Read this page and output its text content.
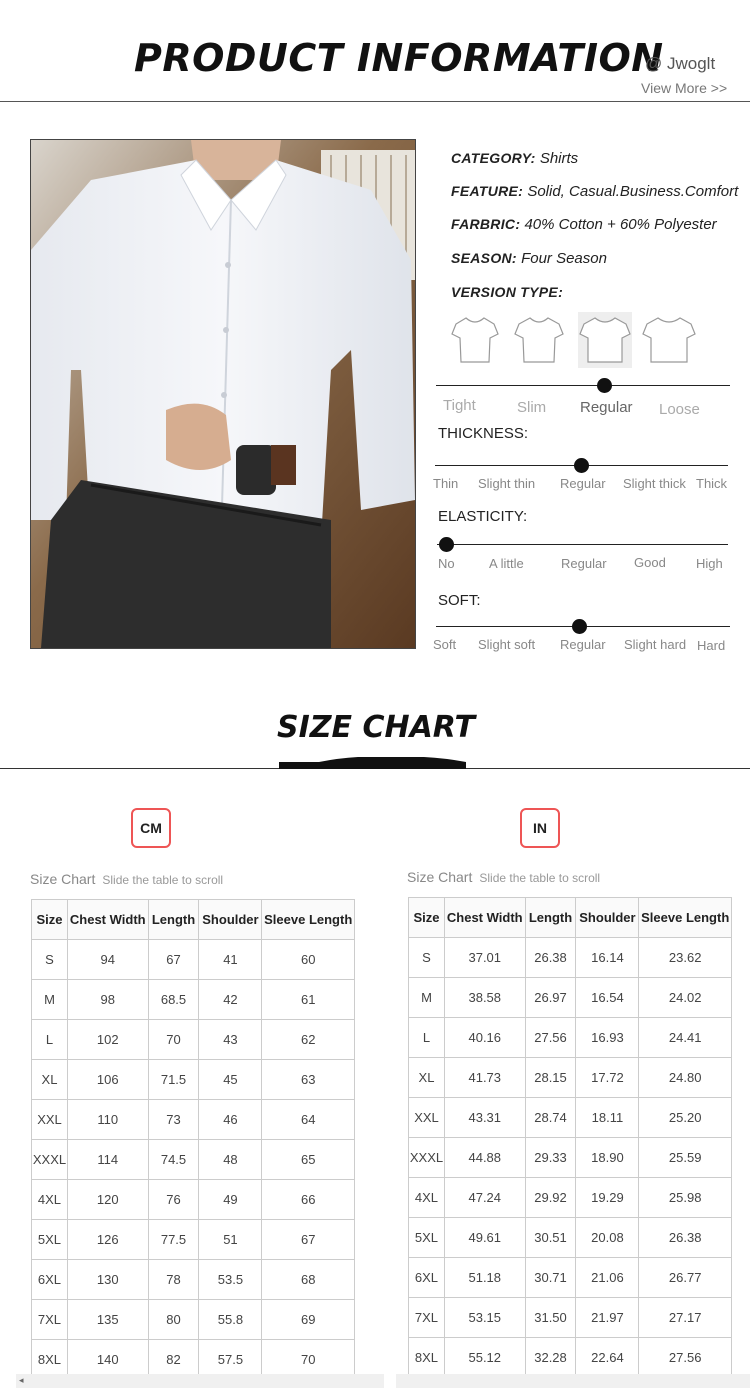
PRODUCT INFORMATION
@ Jwoglt
View More >>
CATEGORY: Shirts
FEATURE: Solid, Casual.Business.Comfort
FARBRIC: 40% Cotton + 60% Polyester
SEASON: Four Season
VERSION TYPE:
Tight	Slim Regular Loose
THICKNESS:
Thin Slight thin Regular Slight thick Thick
ELASTICITY:
No	A little	Regular Good High
SOFT:
Soft Slight soft Regular Slight hard Hard
SIZE CHART
CM	IN
Size Chart Slide the table to scroll	Size Chart Slide the table to scroll
Size	Chest Width	Length	Shoulder	Sleeve Length
S	94	67	41	60
M	98	68.5	42	61
L	102	70	43	62
XL	106	71.5	45	63
XXL	110	73	46	64
XXXL	114	74.5	48	65
4XL	120	76	49	66
5XL	126	77.5	51	67
6XL	130	78	53.5	68
7XL	135	80	55.8	69
8XL	140	82	57.5	70
Size	Chest Width	Length	Shoulder	Sleeve Length
S	37.01	26.38	16.14	23.62
M	38.58	26.97	16.54	24.02
L	40.16	27.56	16.93	24.41
XL	41.73	28.15	17.72	24.80
XXL	43.31	28.74	18.11	25.20
XXXL	44.88	29.33	18.90	25.59
4XL	47.24	29.92	19.29	25.98
5XL	49.61	30.51	20.08	26.38
6XL	51.18	30.71	21.06	26.77
7XL	53.15	31.50	21.97	27.17
8XL	55.12	32.28	22.64	27.56
◂
